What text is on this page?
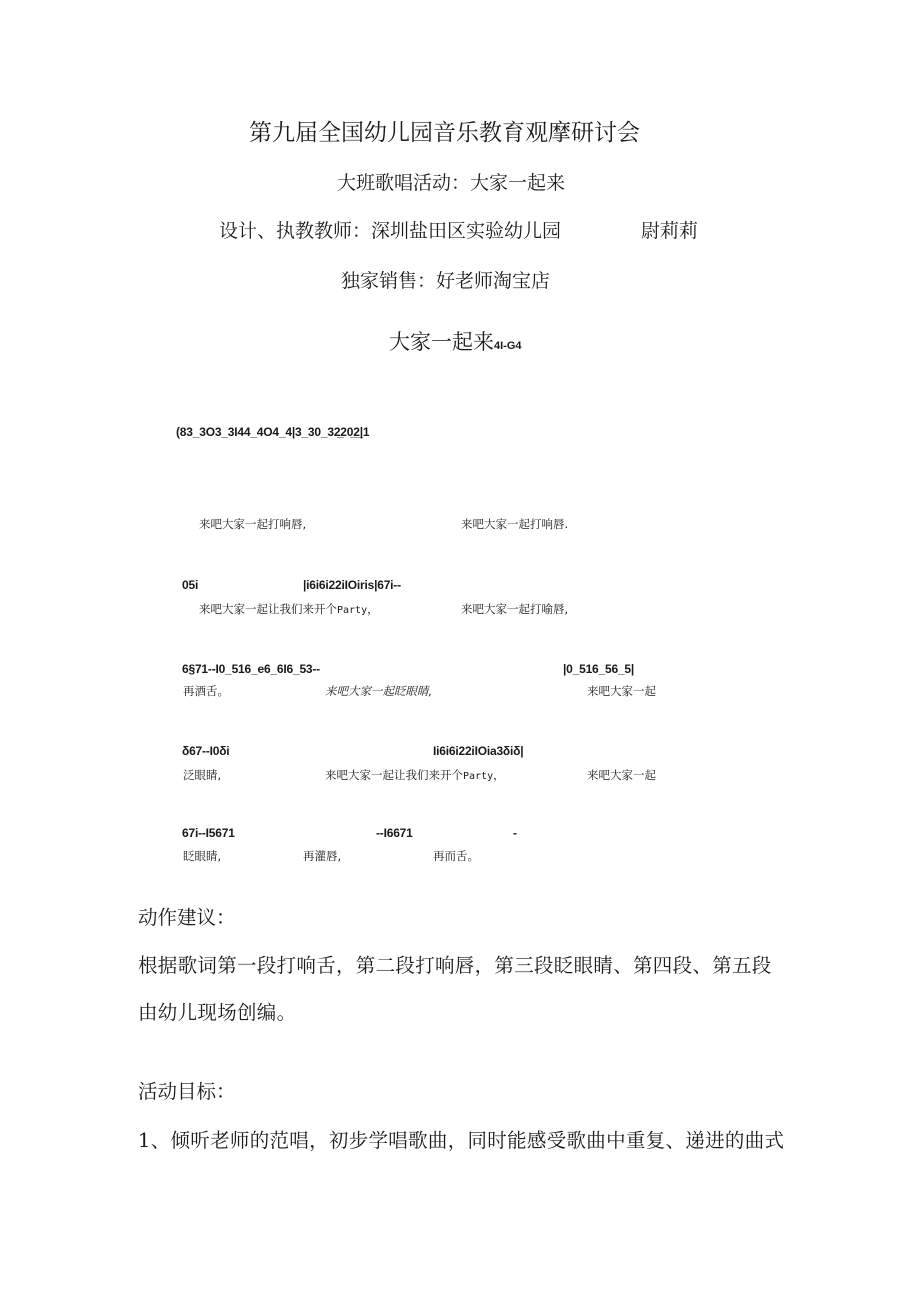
第九届全国幼儿园音乐教育观摩研讨会
大班歌唱活动：大家一起来
设计、执教教师：深圳盐田区实验幼儿园	尉莉莉
独家销售：好老师淘宝店
大家一起来4I-G4
(83_3O3_3I44_4O4_4|3_30_32̲20̲2̲|1
来吧大家一起打响唇,	来吧大家一起打响唇.
05i	|i6i6i22iIOiris|67i--
来吧大家一起让我们来开个Party，	来吧大家一起打喻唇,
6§71--I0_516_e6_6I6_53--	|0_516_56_5|
再酒舌。	来吧大家一起眨眼睛,	来吧大家一起
δ67--I0δi	Ii6i6i22iIOia3δiδ|
泛眼睛,	来吧大家一起让我们来开个Party，	来吧大家一起
67i--I5671	--I6671	-
眨眼睛,	再灌唇,	再而舌。
动作建议：
根据歌词第一段打响舌，第二段打响唇，第三段眨眼睛、第四段、第五段
由幼儿现场创编。
活动目标：
1、倾听老师的范唱，初步学唱歌曲，同时能感受歌曲中重复、递进的曲式
